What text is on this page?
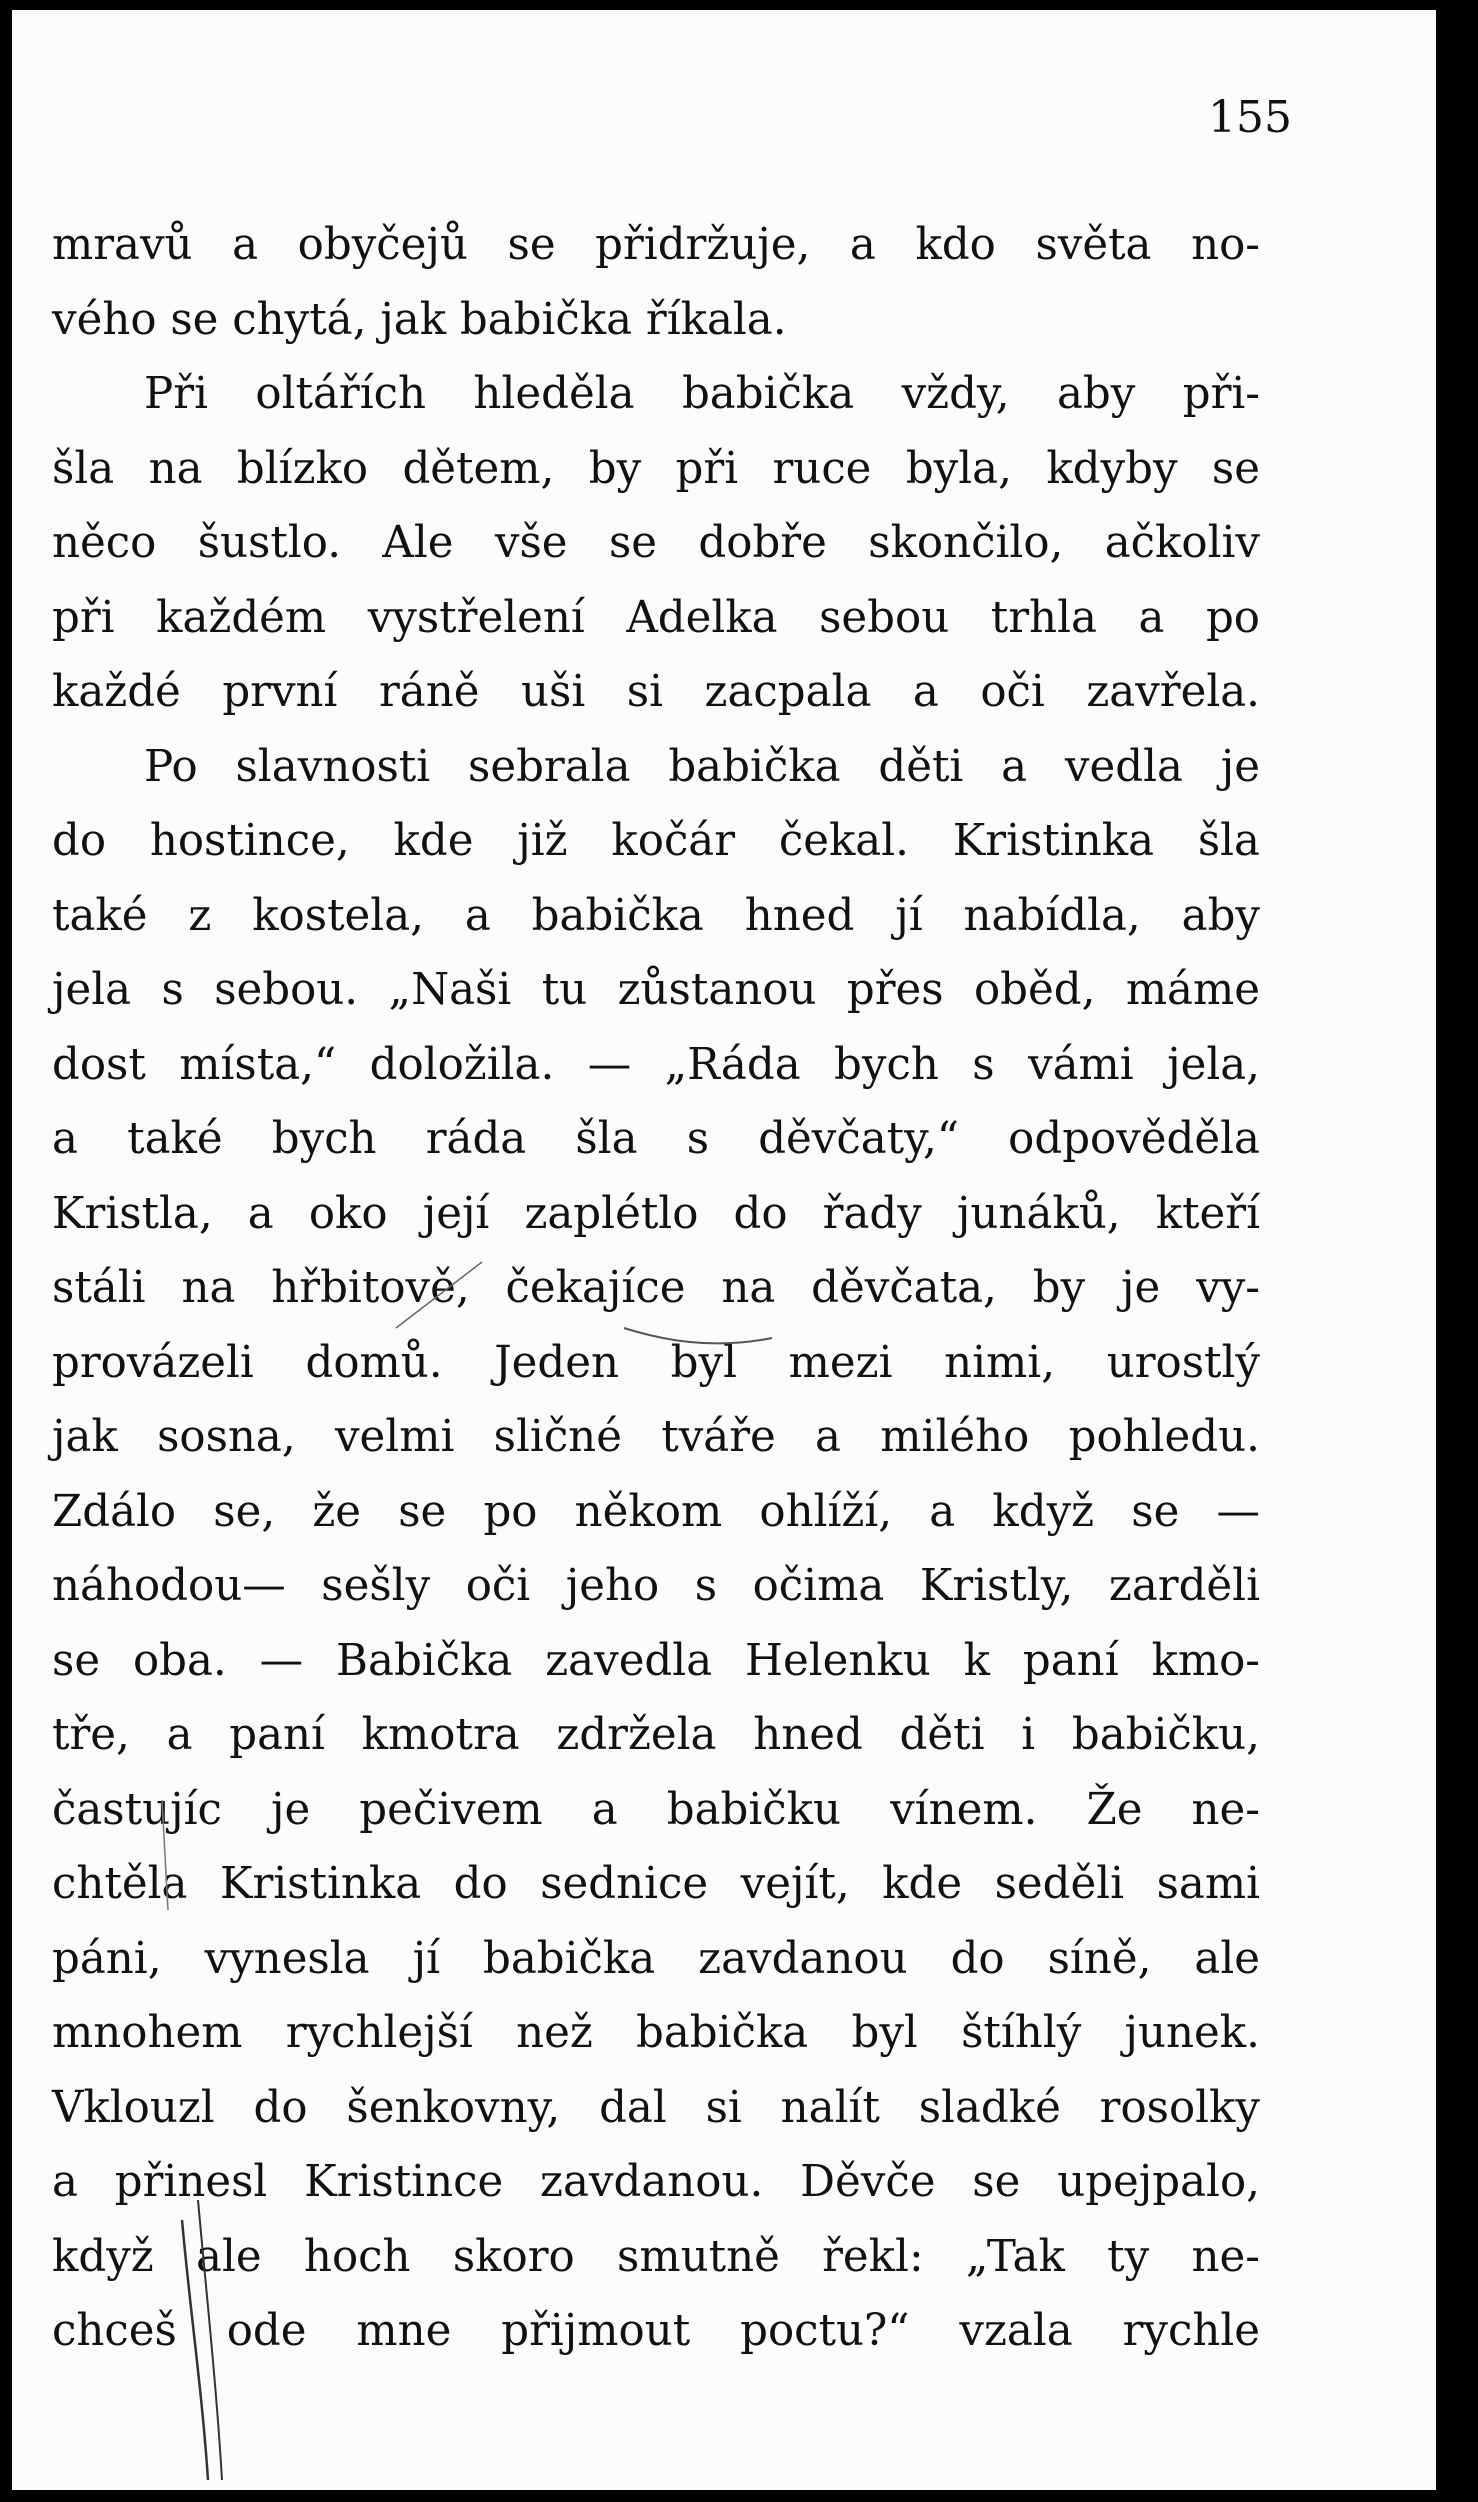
155
mravů a obyčejů se přidržuje, a kdo světa no-
vého se chytá, jak babička říkala.
Při oltářích hleděla babička vždy, aby při-
šla na blízko dětem, by při ruce byla, kdyby se
něco šustlo. Ale vše se dobře skončilo, ačkoliv
při každém vystřelení Adelka sebou trhla a po
každé první ráně uši si zacpala a oči zavřela.
Po slavnosti sebrala babička děti a vedla je
do hostince, kde již kočár čekal. Kristinka šla
také z kostela, a babička hned jí nabídla, aby
jela s sebou. „Naši tu zůstanou přes oběd, máme
dost místa,“ doložila. — „Ráda bych s vámi jela,
a také bych ráda šla s děvčaty,“ odpověděla
Kristla, a oko její zaplétlo do řady junáků, kteří
stáli na hřbitově, čekajíce na děvčata, by je vy-
provázeli domů. Jeden byl mezi nimi, urostlý
jak sosna, velmi sličné tváře a milého pohledu.
Zdálo se, že se po někom ohlíží, a když se —
náhodou— sešly oči jeho s očima Kristly, zarděli
se oba. — Babička zavedla Helenku k paní kmo-
tře, a paní kmotra zdržela hned děti i babičku,
častujíc je pečivem a babičku vínem. Že ne-
chtěla Kristinka do sednice vejít, kde seděli sami
páni, vynesla jí babička zavdanou do síně, ale
mnohem rychlejší než babička byl štíhlý junek.
Vklouzl do šenkovny, dal si nalít sladké rosolky
a přinesl Kristince zavdanou. Děvče se upejpalo,
když ale hoch skoro smutně řekl: „Tak ty ne-
chceš ode mne přijmout poctu?“ vzala rychle
